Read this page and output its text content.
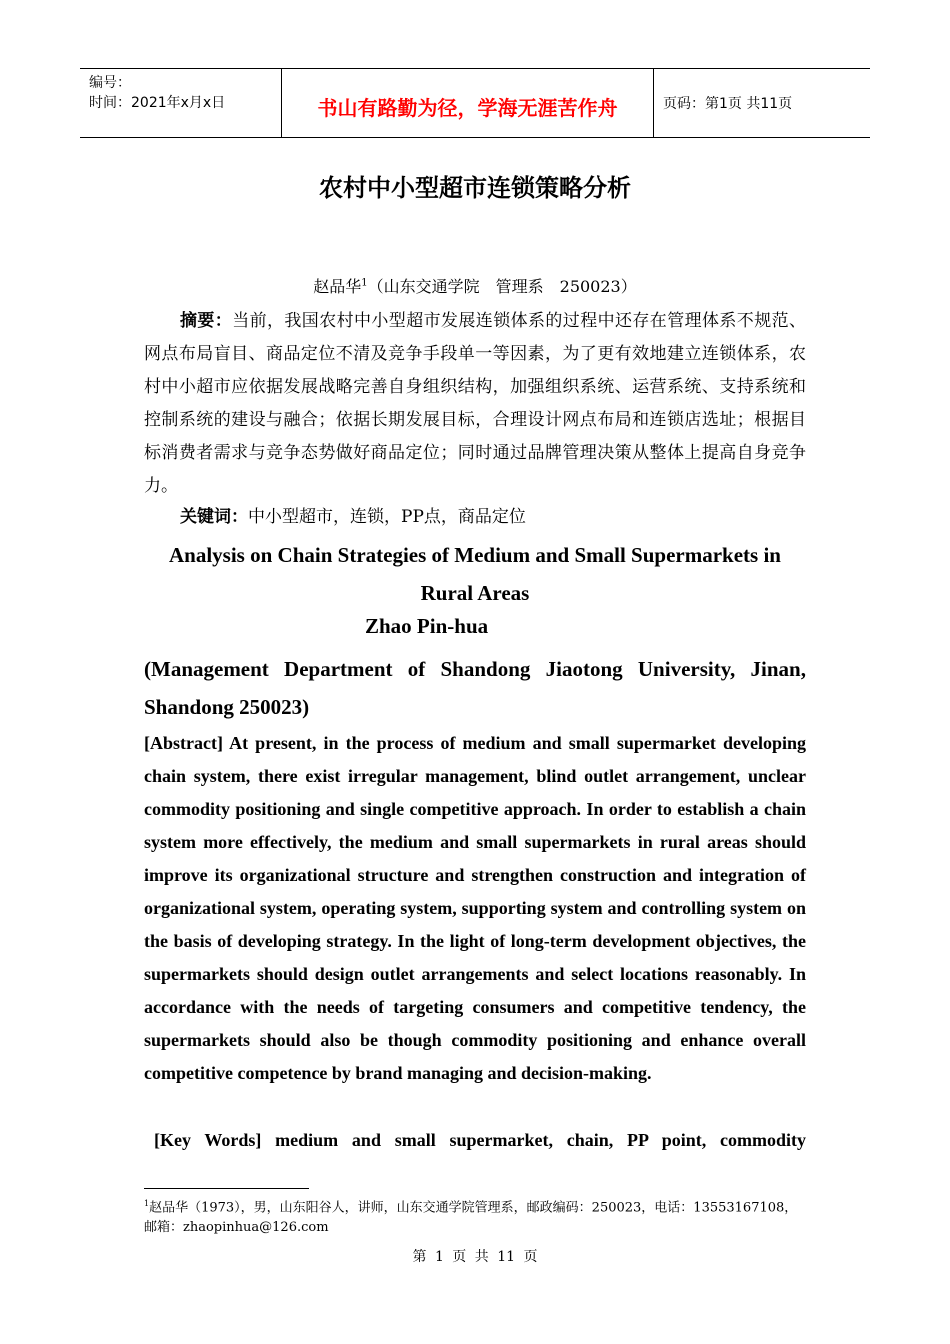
编号：
时间：2021年x月x日	书山有路勤为径，学海无涯苦作舟	页码：第1页 共11页
农村中小型超市连锁策略分析
赵品华$^1$（山东交通学院　管理系　250023）

摘要：当前，我国农村中小型超市发展连锁体系的过程中还存在管理体系不规范、网点布局盲目、商品定位不清及竞争手段单一等因素，为了更有效地建立连锁体系，农村中小超市应依据发展战略完善自身组织结构，加强组织系统、运营系统、支持系统和控制系统的建设与融合；依据长期发展目标，合理设计网点布局和连锁店选址；根据目标消费者需求与竞争态势做好商品定位；同时通过品牌管理决策从整体上提高自身竞争力。

关键词：中小型超市，连锁，PP点，商品定位

Analysis on Chain Strategies of Medium and Small Supermarkets in Rural Areas

Zhao Pin-hua

(Management Department of Shandong Jiaotong University, Jinan, Shandong 250023)

[Abstract] At present, in the process of medium and small supermarket developing chain system, there exist irregular management, blind outlet arrangement, unclear commodity positioning and single competitive approach. In order to establish a chain system more effectively, the medium and small supermarkets in rural areas should improve its organizational structure and strengthen construction and integration of organizational system, operating system, supporting system and controlling system on the basis of developing strategy. In the light of long-term development objectives, the supermarkets should design outlet arrangements and select locations reasonably. In accordance with the needs of targeting consumers and competitive tendency, the supermarkets should also be though commodity positioning and enhance overall competitive competence by brand managing and decision-making.

[Key Words] medium and small supermarket, chain, PP point, commodity

$^1$赵品华（1973），男，山东阳谷人，讲师，山东交通学院管理系，邮政编码：250023，电话：13553167108，邮箱：zhaopinhua@126.com

第 1 页 共 11 页
